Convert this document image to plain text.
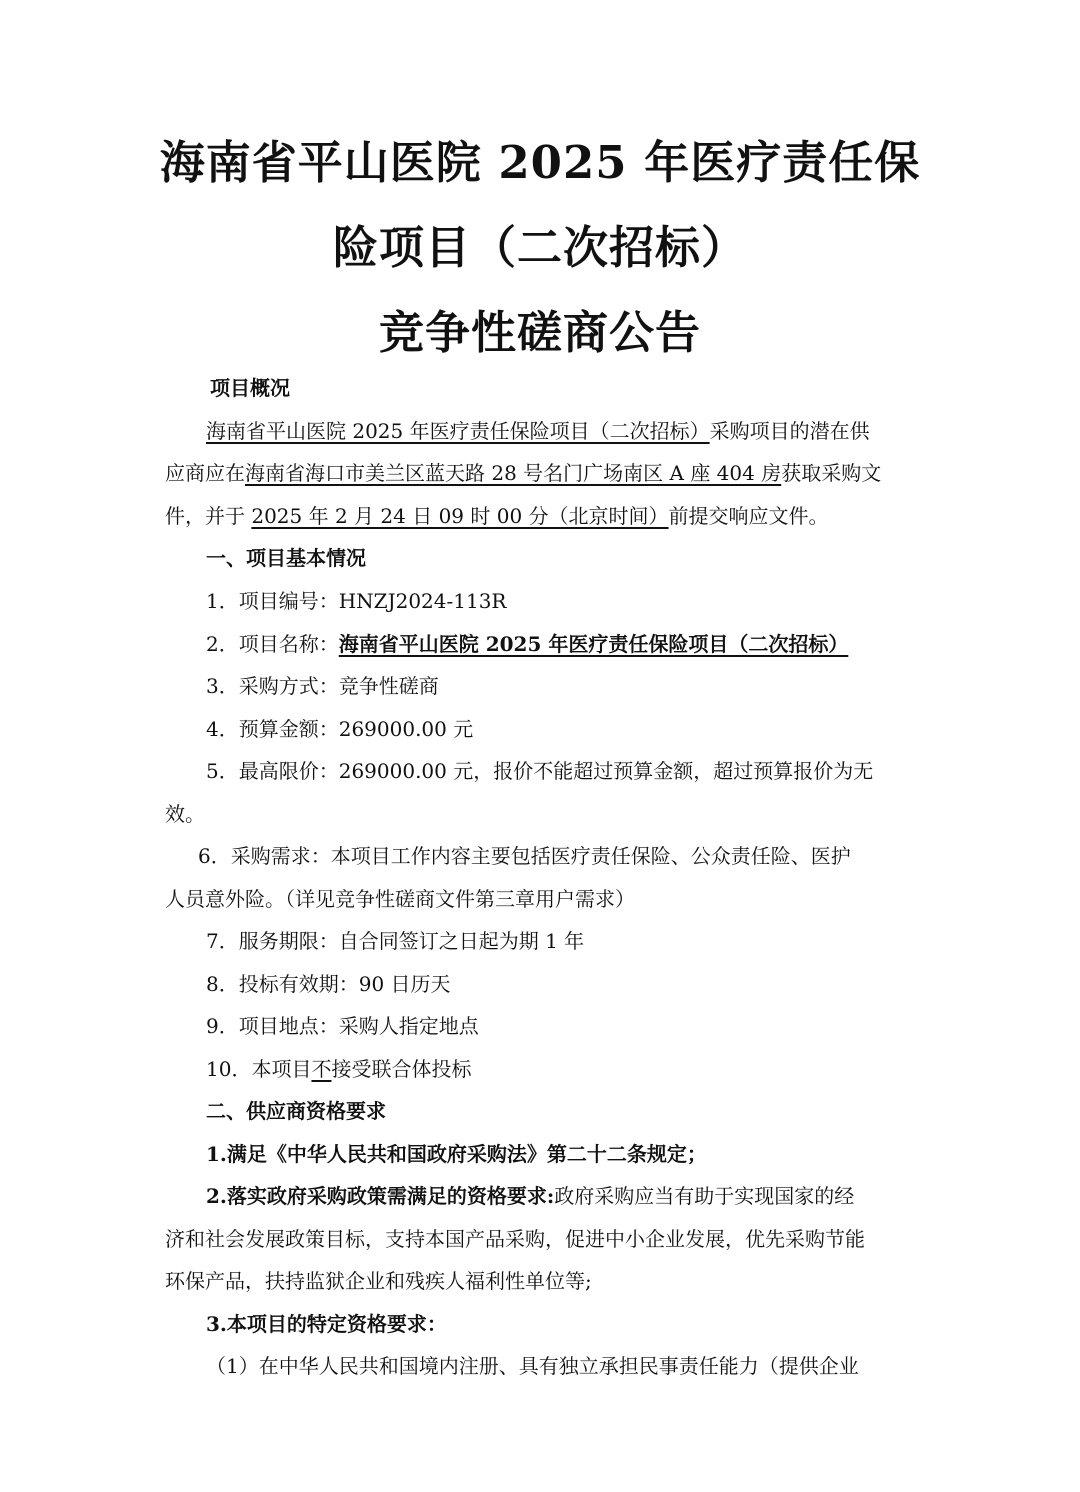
海南省平山医院 2025 年医疗责任保
险项目（二次招标）
竞争性磋商公告
项目概况
海南省平山医院 2025 年医疗责任保险项目（二次招标）采购项目的潜在供
应商应在海南省海口市美兰区蓝天路 28 号名门广场南区 A 座 404 房获取采购文
件，并于 2025 年 2 月 24 日 09 时 00 分（北京时间）前提交响应文件。
一、项目基本情况
1．项目编号：HNZJ2024-113R
2．项目名称：海南省平山医院 2025 年医疗责任保险项目（二次招标）
3．采购方式：竞争性磋商
4．预算金额：269000.00 元
5．最高限价：269000.00 元，报价不能超过预算金额，超过预算报价为无
效。
6．采购需求：本项目工作内容主要包括医疗责任保险、公众责任险、医护
人员意外险。（详见竞争性磋商文件第三章用户需求）
7．服务期限：自合同签订之日起为期 1 年
8．投标有效期：90 日历天
9．项目地点：采购人指定地点
10．本项目不接受联合体投标
二、供应商资格要求
1.满足《中华人民共和国政府采购法》第二十二条规定；
2.落实政府采购政策需满足的资格要求:政府采购应当有助于实现国家的经
济和社会发展政策目标，支持本国产品采购，促进中小企业发展，优先采购节能
环保产品，扶持监狱企业和残疾人福利性单位等;
3.本项目的特定资格要求：
（1）在中华人民共和国境内注册、具有独立承担民事责任能力（提供企业
